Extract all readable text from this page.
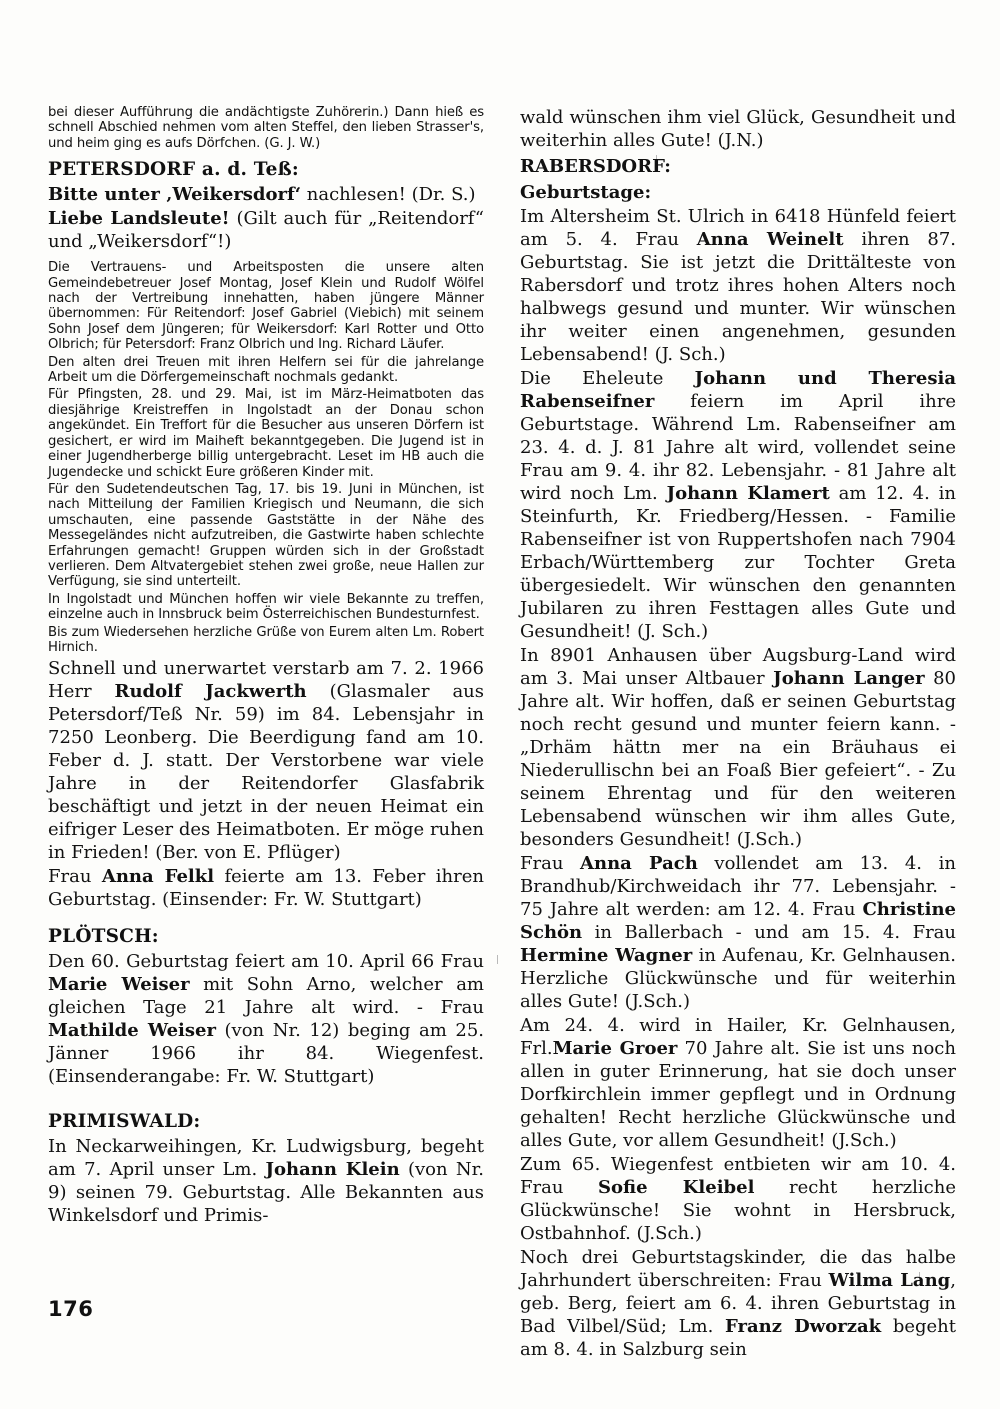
bei dieser Aufführung die andächtigste Zuhörerin.) Dann hieß es schnell Abschied nehmen vom alten Steffel, den lieben Strasser's, und heim ging es aufs Dörfchen. (G. J. W.)

PETERSDORF a. d. Teß:

Bitte unter ‚Weikersdorf‘ nachlesen! (Dr. S.)

Liebe Landsleute! (Gilt auch für „Reitendorf“ und „Weikersdorf“!)

Die Vertrauens- und Arbeitsposten die unsere alten Gemeindebetreuer Josef Montag, Josef Klein und Rudolf Wölfel nach der Vertreibung innehatten, haben jüngere Männer übernommen: Für Reitendorf: Josef Gabriel (Viebich) mit seinem Sohn Josef dem Jüngeren; für Weikersdorf: Karl Rotter und Otto Olbrich; für Petersdorf: Franz Olbrich und Ing. Richard Läufer.

Den alten drei Treuen mit ihren Helfern sei für die jahrelange Arbeit um die Dörfergemeinschaft nochmals gedankt.

Für Pfingsten, 28. und 29. Mai, ist im März-Heimatboten das diesjährige Kreistreffen in Ingolstadt an der Donau schon angekündet. Ein Treffort für die Besucher aus unseren Dörfern ist gesichert, er wird im Maiheft bekanntgegeben. Die Jugend ist in einer Jugendherberge billig untergebracht. Leset im HB auch die Jugendecke und schickt Eure größeren Kinder mit.

Für den Sudetendeutschen Tag, 17. bis 19. Juni in München, ist nach Mitteilung der Familien Kriegisch und Neumann, die sich umschauten, eine passende Gaststätte in der Nähe des Messegeländes nicht aufzutreiben, die Gastwirte haben schlechte Erfahrungen gemacht! Gruppen würden sich in der Großstadt verlieren. Dem Altvatergebiet stehen zwei große, neue Hallen zur Verfügung, sie sind unterteilt.

In Ingolstadt und München hoffen wir viele Bekannte zu treffen, einzelne auch in Innsbruck beim Österreichischen Bundesturnfest.

Bis zum Wiedersehen herzliche Grüße von Eurem alten Lm. Robert Hirnich.

Schnell und unerwartet verstarb am 7. 2. 1966 Herr Rudolf Jackwerth (Glasmaler aus Petersdorf/Teß Nr. 59) im 84. Lebensjahr in 7250 Leonberg. Die Beerdigung fand am 10. Feber d. J. statt. Der Verstorbene war viele Jahre in der Reitendorfer Glasfabrik beschäftigt und jetzt in der neuen Heimat ein eifriger Leser des Heimatboten. Er möge ruhen in Frieden! (Ber. von E. Pflüger)

Frau Anna Felkl feierte am 13. Feber ihren Geburtstag. (Einsender: Fr. W. Stuttgart)

PLÖTSCH:

Den 60. Geburtstag feiert am 10. April 66 Frau Marie Weiser mit Sohn Arno, welcher am gleichen Tage 21 Jahre alt wird. - Frau Mathilde Weiser (von Nr. 12) beging am 25. Jänner 1966 ihr 84. Wiegenfest. (Einsenderangabe: Fr. W. Stuttgart)

PRIMISWALD:

In Neckarweihingen, Kr. Ludwigsburg, begeht am 7. April unser Lm. Johann Klein (von Nr. 9) seinen 79. Geburtstag. Alle Bekannten aus Winkelsdorf und Primis-

wald wünschen ihm viel Glück, Gesundheit und weiterhin alles Gute! (J.N.)

RABERSDORF:
Geburtstage:

Im Altersheim St. Ulrich in 6418 Hünfeld feiert am 5. 4. Frau Anna Weinelt ihren 87. Geburtstag. Sie ist jetzt die Drittälteste von Rabersdorf und trotz ihres hohen Alters noch halbwegs gesund und munter. Wir wünschen ihr weiter einen angenehmen, gesunden Lebensabend! (J. Sch.)

Die Eheleute Johann und Theresia Rabenseifner feiern im April ihre Geburtstage. Während Lm. Rabenseifner am 23. 4. d. J. 81 Jahre alt wird, vollendet seine Frau am 9. 4. ihr 82. Lebensjahr. - 81 Jahre alt wird noch Lm. Johann Klamert am 12. 4. in Steinfurth, Kr. Friedberg/Hessen. - Familie Rabenseifner ist von Ruppertshofen nach 7904 Erbach/Württemberg zur Tochter Greta übergesiedelt. Wir wünschen den genannten Jubilaren zu ihren Festtagen alles Gute und Gesundheit! (J. Sch.)

In 8901 Anhausen über Augsburg-Land wird am 3. Mai unser Altbauer Johann Langer 80 Jahre alt. Wir hoffen, daß er seinen Geburtstag noch recht gesund und munter feiern kann. - „Drhäm hättn mer na ein Bräuhaus ei Niederullischn bei an Foaß Bier gefeiert“. - Zu seinem Ehrentag und für den weiteren Lebensabend wünschen wir ihm alles Gute, besonders Gesundheit! (J.Sch.)

Frau Anna Pach vollendet am 13. 4. in Brandhub/Kirchweidach ihr 77. Lebensjahr. - 75 Jahre alt werden: am 12. 4. Frau Christine Schön in Ballerbach - und am 15. 4. Frau Hermine Wagner in Aufenau, Kr. Gelnhausen. Herzliche Glückwünsche und für weiterhin alles Gute! (J.Sch.)

Am 24. 4. wird in Hailer, Kr. Gelnhausen, Frl.Marie Groer 70 Jahre alt. Sie ist uns noch allen in guter Erinnerung, hat sie doch unser Dorfkirchlein immer gepflegt und in Ordnung gehalten! Recht herzliche Glückwünsche und alles Gute, vor allem Gesundheit! (J.Sch.)

Zum 65. Wiegenfest entbieten wir am 10. 4. Frau Sofie Kleibel recht herzliche Glückwünsche! Sie wohnt in Hersbruck, Ostbahnhof. (J.Sch.)

Noch drei Geburtstagskinder, die das halbe Jahrhundert überschreiten: Frau Wilma Lang, geb. Berg, feiert am 6. 4. ihren Geburtstag in Bad Vilbel/Süd; Lm. Franz Dworzak begeht am 8. 4. in Salzburg sein

176
